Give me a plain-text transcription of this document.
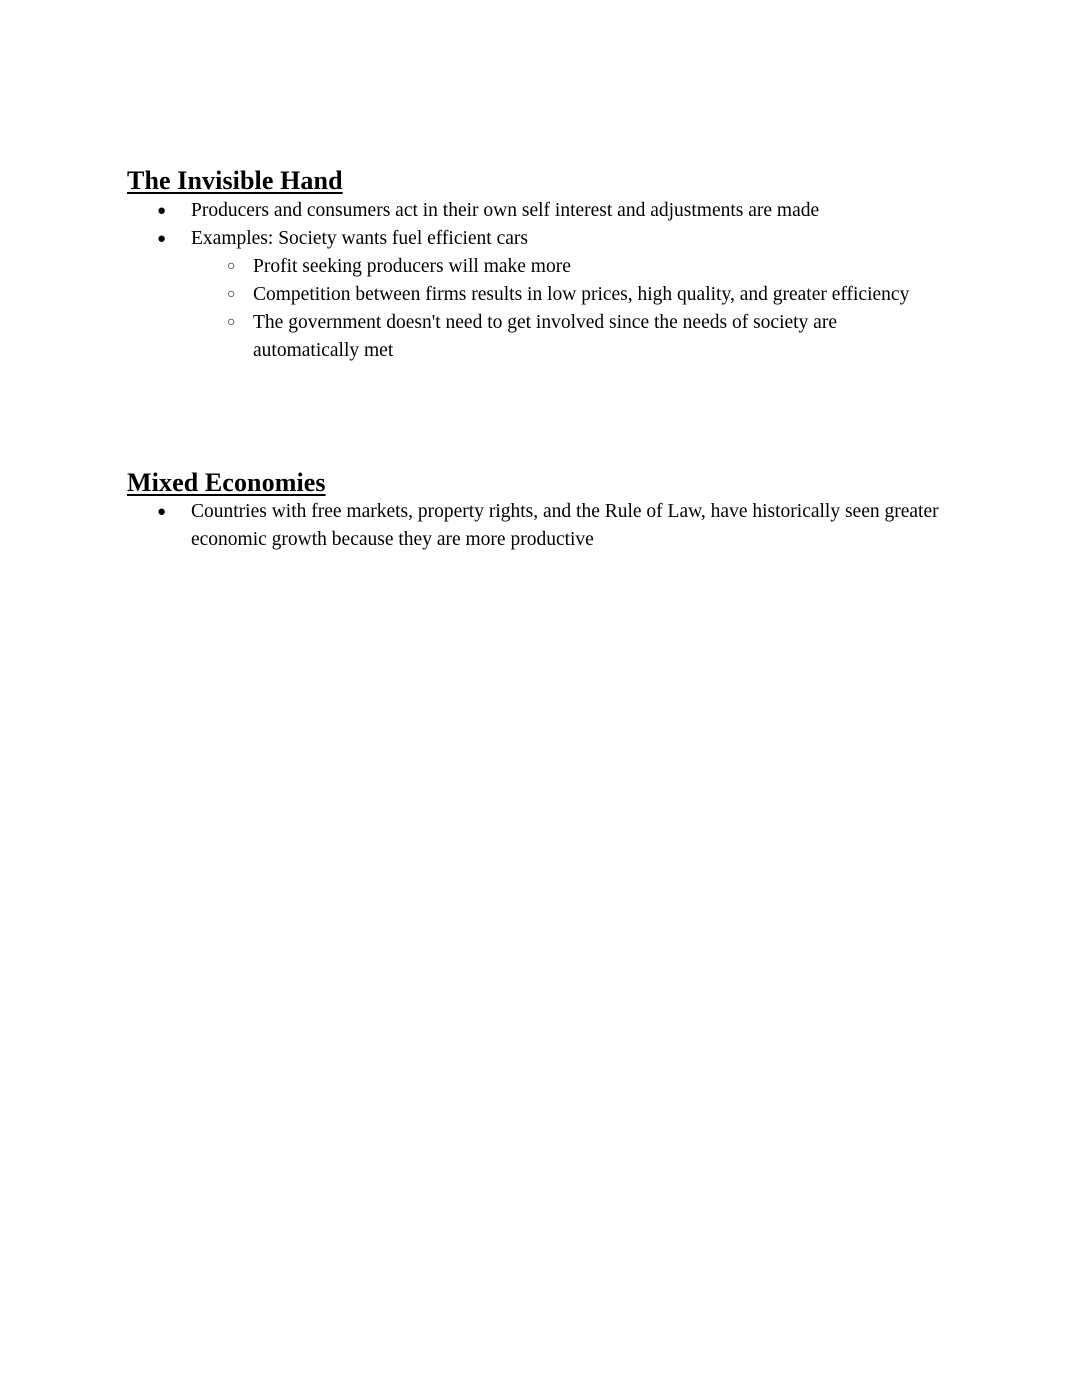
The Invisible Hand
●	Producers and consumers act in their own self interest and adjustments are made
●	Examples: Society wants fuel efficient cars
○ Profit seeking producers will make more
○ Competition between firms results in low prices, high quality, and greater efficiency
○ The government doesn't need to get involved since the needs of society are automatically met
Mixed Economies
●	Countries with free markets, property rights, and the Rule of Law, have historically seen greater economic growth because they are more productive
